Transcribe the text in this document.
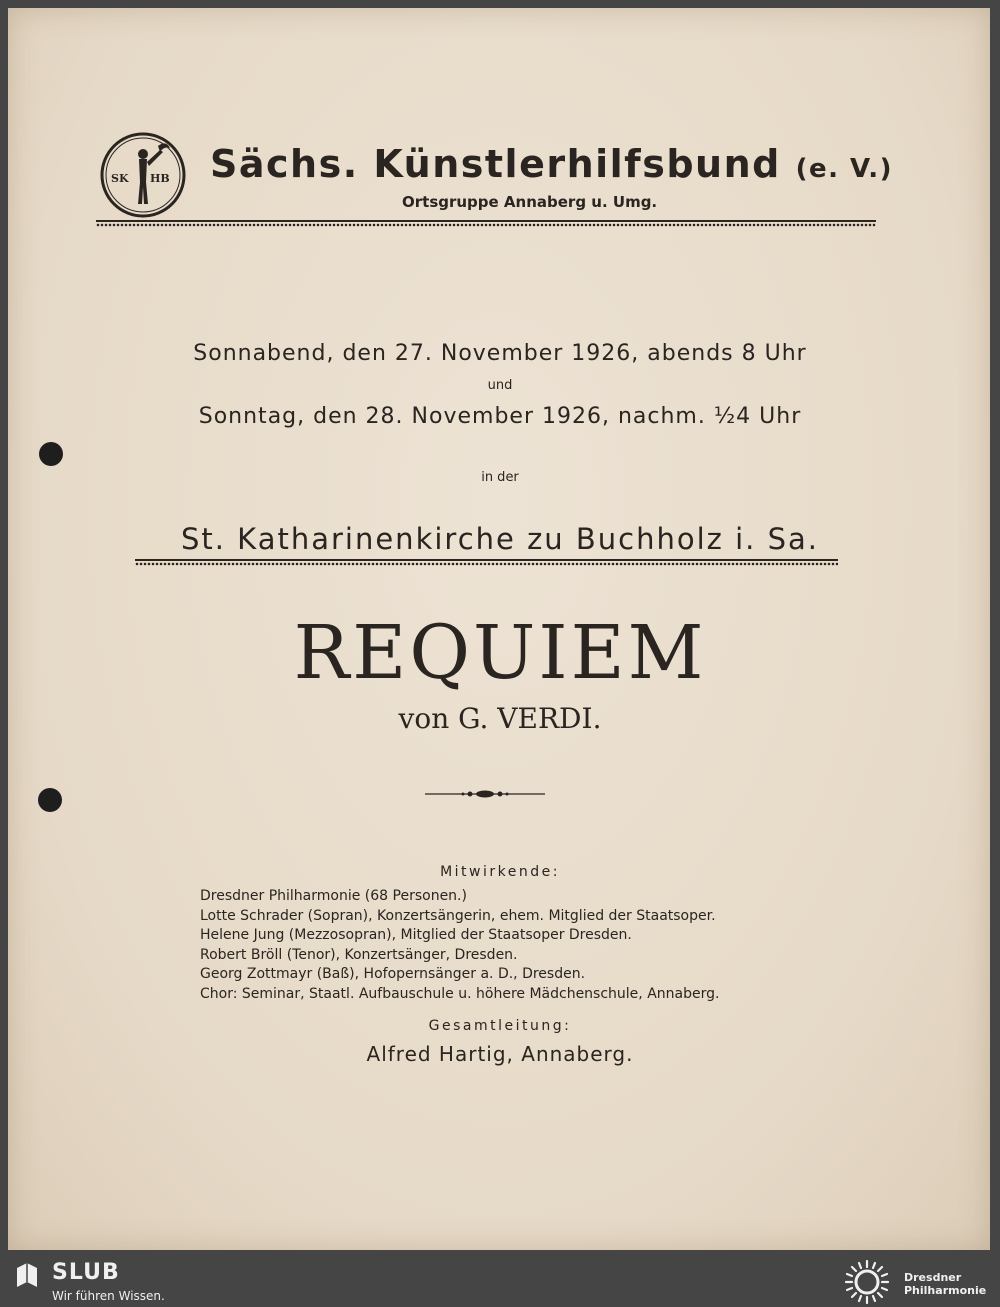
SK HB Sächs. Künstlerhilfsbund (e. V.)
Ortsgruppe Annaberg u. Umg.
Sonnabend, den 27. November 1926, abends 8 Uhr
und
Sonntag, den 28. November 1926, nachm. ½4 Uhr
in der
St. Katharinenkirche zu Buchholz i. Sa.
REQUIEM
von G. VERDI.
Mitwirkende:
Dresdner Philharmonie (68 Personen.)
Lotte Schrader (Sopran), Konzertsängerin, ehem. Mitglied der Staatsoper.
Helene Jung (Mezzosopran), Mitglied der Staatsoper Dresden.
Robert Bröll (Tenor), Konzertsänger, Dresden.
Georg Zottmayr (Baß), Hofopernsänger a. D., Dresden.
Chor: Seminar, Staatl. Aufbauschule u. höhere Mädchenschule, Annaberg.
Gesamtleitung:
Alfred Hartig, Annaberg.
SLUB
Wir führen Wissen.
Dresdner
Philharmonie
